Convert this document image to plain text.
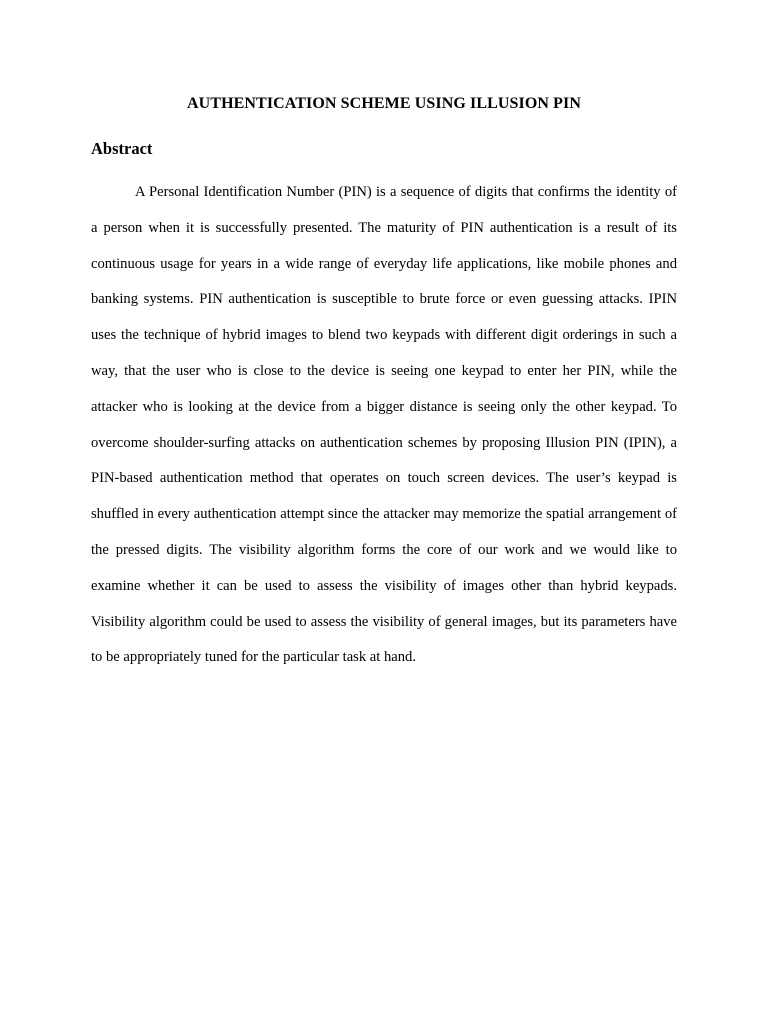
AUTHENTICATION SCHEME USING ILLUSION PIN
Abstract

A Personal Identification Number (PIN) is a sequence of digits that confirms the identity of a person when it is successfully presented. The maturity of PIN authentication is a result of its continuous usage for years in a wide range of everyday life applications, like mobile phones and banking systems. PIN authentication is susceptible to brute force or even guessing attacks. IPIN uses the technique of hybrid images to blend two keypads with different digit orderings in such a way, that the user who is close to the device is seeing one keypad to enter her PIN, while the attacker who is looking at the device from a bigger distance is seeing only the other keypad. To overcome shoulder-surfing attacks on authentication schemes by proposing Illusion PIN (IPIN), a PIN-based authentication method that operates on touch screen devices. The user’s keypad is shuffled in every authentication attempt since the attacker may memorize the spatial arrangement of the pressed digits. The visibility algorithm forms the core of our work and we would like to examine whether it can be used to assess the visibility of images other than hybrid keypads. Visibility algorithm could be used to assess the visibility of general images, but its parameters have to be appropriately tuned for the particular task at hand.
